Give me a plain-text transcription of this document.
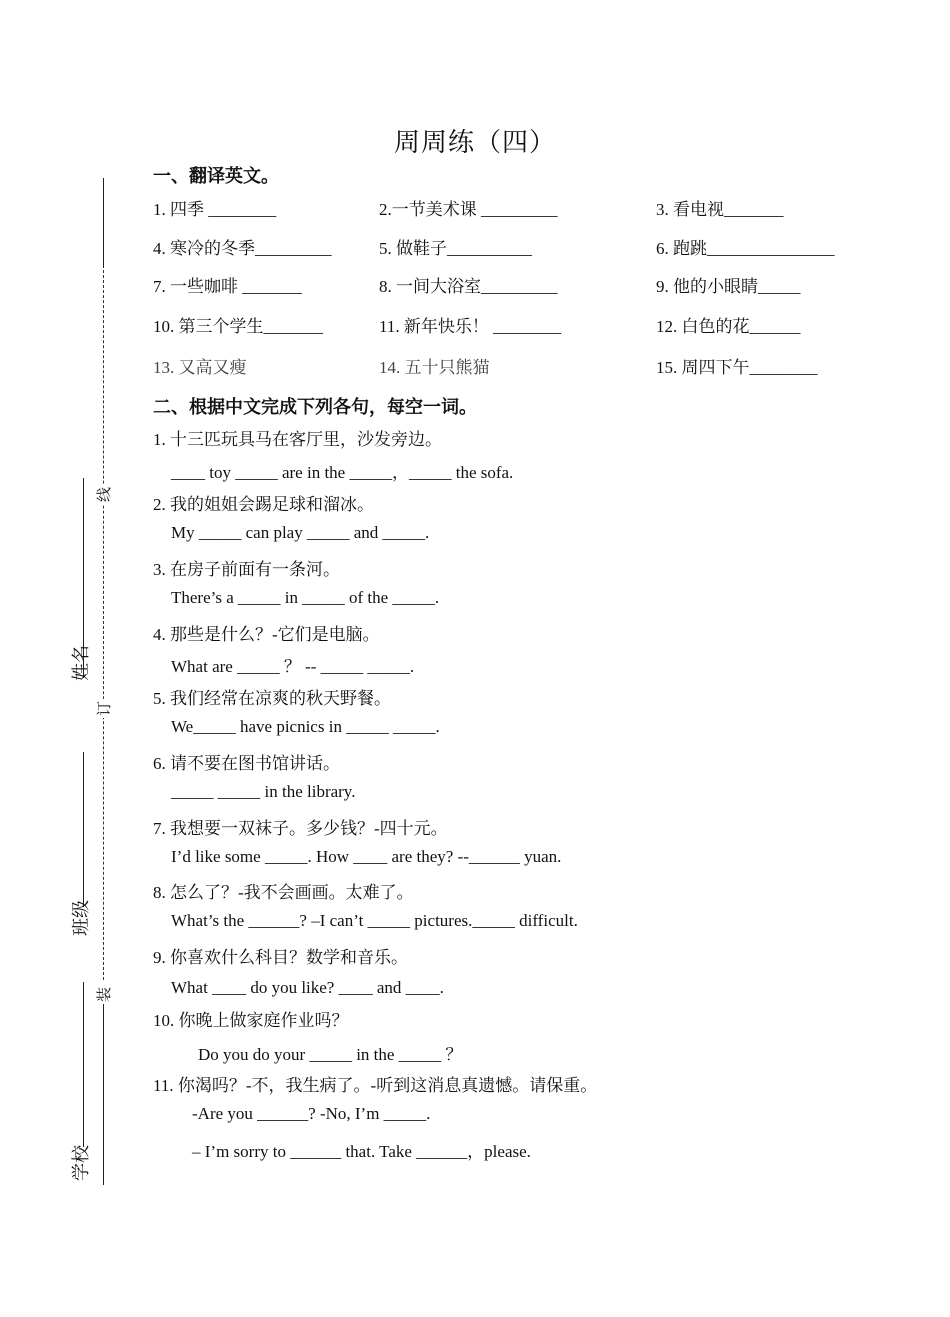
线
订
装
姓名
班级
学校
周周练（四）
一、翻译英文。
1. 四季 ________	2.一节美术课 _________	3. 看电视_______
4. 寒冷的冬季_________	5. 做鞋子__________	6. 跑跳_______________
7. 一些咖啡 _______	8. 一间大浴室_________	9. 他的小眼睛_____
10. 第三个学生_______	11. 新年快乐！ ________	12. 白色的花______
13. 又高又瘦	14. 五十只熊猫	15. 周四下午________
二、根据中文完成下列各句，每空一词。
1. 十三匹玩具马在客厅里，沙发旁边。
____ toy _____ are in the _____，_____ the sofa.
2. 我的姐姐会踢足球和溜冰。
My _____ can play _____ and _____.
3. 在房子前面有一条河。
There’s a _____ in _____ of the _____.
4. 那些是什么？-它们是电脑。
What are _____ ？ -- _____ _____.
5. 我们经常在凉爽的秋天野餐。
We_____ have picnics in _____ _____.
6. 请不要在图书馆讲话。
_____ _____ in the library.
7. 我想要一双袜子。多少钱？-四十元。
I’d like some _____. How ____ are they? --______ yuan.
8. 怎么了？-我不会画画。太难了。
What’s the ______? –I can’t _____ pictures._____ difficult.
9. 你喜欢什么科目？数学和音乐。
What ____ do you like? ____ and ____.
10. 你晚上做家庭作业吗？
Do you do your _____ in the _____ ？
11. 你渴吗？-不，我生病了。-听到这消息真遗憾。请保重。
-Are you ______? -No, I’m _____.
– I’m sorry to ______ that. Take ______，please.
